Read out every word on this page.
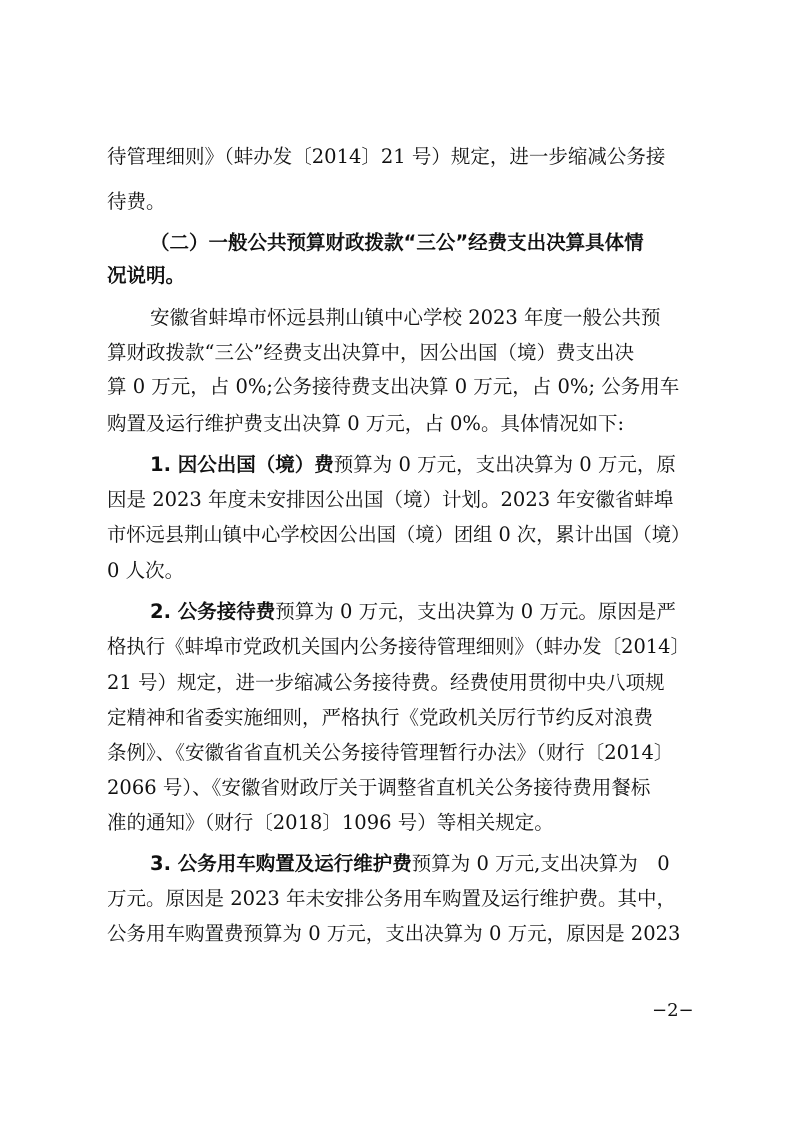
待管理细则》（蚌办发〔2014〕21 号）规定，进一步缩减公务接
待费。
（二）一般公共预算财政拨款“三公”经费支出决算具体情
况说明。
安徽省蚌埠市怀远县荆山镇中心学校 2023 年度一般公共预
算财政拨款“三公”经费支出决算中，因公出国（境）费支出决
算 0 万元，占 0%;公务接待费支出决算 0 万元，占 0%; 公务用车
购置及运行维护费支出决算 0 万元，占 0%。具体情况如下:
1. 因公出国（境）费预算为 0 万元，支出决算为 0 万元，原
因是 2023 年度未安排因公出国（境）计划。2023 年安徽省蚌埠
市怀远县荆山镇中心学校因公出国（境）团组 0 次，累计出国（境）
0 人次。
2. 公务接待费预算为 0 万元，支出决算为 0 万元。原因是严
格执行《蚌埠市党政机关国内公务接待管理细则》（蚌办发〔2014〕
21 号）规定，进一步缩减公务接待费。经费使用贯彻中央八项规
定精神和省委实施细则，严格执行《党政机关厉行节约反对浪费
条例》、《安徽省省直机关公务接待管理暂行办法》（财行〔2014〕
2066 号）、《安徽省财政厅关于调整省直机关公务接待费用餐标
准的通知》（财行〔2018〕1096 号）等相关规定。
3. 公务用车购置及运行维护费预算为 0 万元,支出决算为　0
万元。原因是 2023 年未安排公务用车购置及运行维护费。其中，
公务用车购置费预算为 0 万元，支出决算为 0 万元，原因是 2023
−2−
